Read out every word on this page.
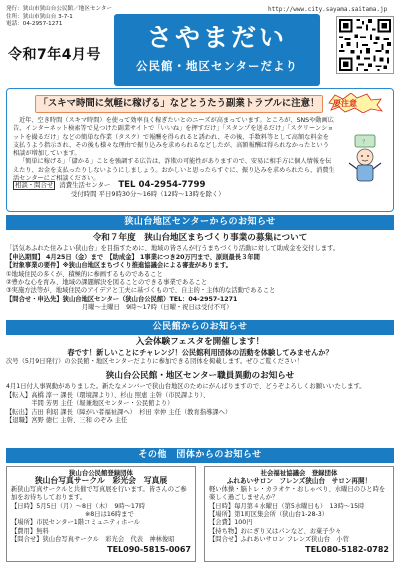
発行：狭山市狭山台公民館／地区センター
住所：狭山市狭山台 3-7-1
電話：04-2957-1271
令和7年4月号
http://www.city.sayama.saitama.jp
さやまだい
公民館・地区センターだより
「スキマ時間に気軽に稼げる」などとうたう副業トラブルに注意！	要注意

近年、空き時間（スキマ時間）を使って効率良く稼ぎたいとのニーズが高まっています。ところが、SNSや動画広告、インターネット検索等で見つけた副業サイトで「いいね」を押すだけ」「スタンプを送るだけ」「スクリーンショットを撮るだけ」などの簡単な作業（タスク）で報酬を得られると誘われ、その後、手数料等として高額な料金を支払うよう指示され、その後も様々な理由で振り込みを求められるなどしたが、高額報酬は得られなかったという相談が増加しています。

「簡単に稼げる」「儲かる」ことを強調する広告は、詐欺の可能性がありますので、安易に相手方に個人情報を伝えたり、お金を支払ったりしないようにしましょう。おかしいと思ったらすぐに、振り込みを求められたら、消費生活センターにご相談ください。

？
相談・問合せ 消費生活センター TEL 04-2954-7799
受付時間 平日9時30分～16時（12時～13時を除く）
狭山台地区センターからのお知らせ
令和７年度　狭山台地区まちづくり事業の募集について

「活気あふれた住みよい狭山台」を目指すために、地域の皆さんが行うまちづくり活動に対して助成金を交付します。

【申込期間】 4月25日（金）まで　【助成金】 1事業につき20万円まで、原則最長３年間

【対象事業の要件】※狭山台地区まちづくり推進協議会による審査があります。

①地域住民の多くが、積極的に参画するものであること

②豊かな心を育み、地域の課題解決を図ることのできる事業であること

③実施方法等が、地域住民のアイデアと工夫に基づくもので、自主的・主体的な活動であること

【問合せ・申込先】狭山台地区センター（狭山台公民館）TEL：04-2957-1271

月曜～土曜日　9時～17時（日曜・祝日は受付不可）

公民館からのお知らせ
入会体験フェスタを開催します！

春です！新しいことにチャレンジ！公民館利用団体の活動を体験してみませんか？

次号（5月9日発行）の公民館・地区センターだよりに参加できる団体を掲載します。ぜひご覧ください！

狭山台公民館・地区センター職員異動のお知らせ

4月1日付人事異動がありました。新たなメンバーで狭山台地区のためにがんばりますので、どうぞよろしくお願いいたします。

【転入】高橋 淳一 課長（環境課より）、杉山 照恵 主幹（市民課より）、

　　　　半間 芳男 主任（堀兼地区センター・公民館より）

【転出】吉田 利昭 課長（障がい者福祉課へ）　杉田 幸仲 主任（教育指導課へ）

【退職】宮野 徳仁 主幹、三和 のぞみ 主任

その他　団体からのお知らせ
狭山台公民館登録団体
狭山台写真サークル　彩光会　写真展
新狭山写真サークルと共催で写真展を行います。皆さんのご参加をお待ちしております。
【日時】5月5日（月）～8日（木）　9時～17時
※8日は16時まで
【場所】市民センター1階コミュニティホール
【費用】無料
【問合せ】狭山台写真サークル　彩光会　代表　神林俊昭
TEL090-5815-0067
社会福祉協議会　登録団体
ふれあいサロン　フレンズ狭山台　サロン再開！
軽い体操・脳トレ・カラオケ・おしゃべり、水曜日のひと時を楽しく過ごしませんか？
【日時】毎月第４水曜日（第5水曜日も）　13時～15時
【場所】第1町区集会所（狭山台1-28-3）
【会費】100円
【持ち物】おにぎり又はパンなど、お菓子少々
【問合せ】ふれあいサロン フレンズ狭山台　小菅
TEL080-5182-0782
